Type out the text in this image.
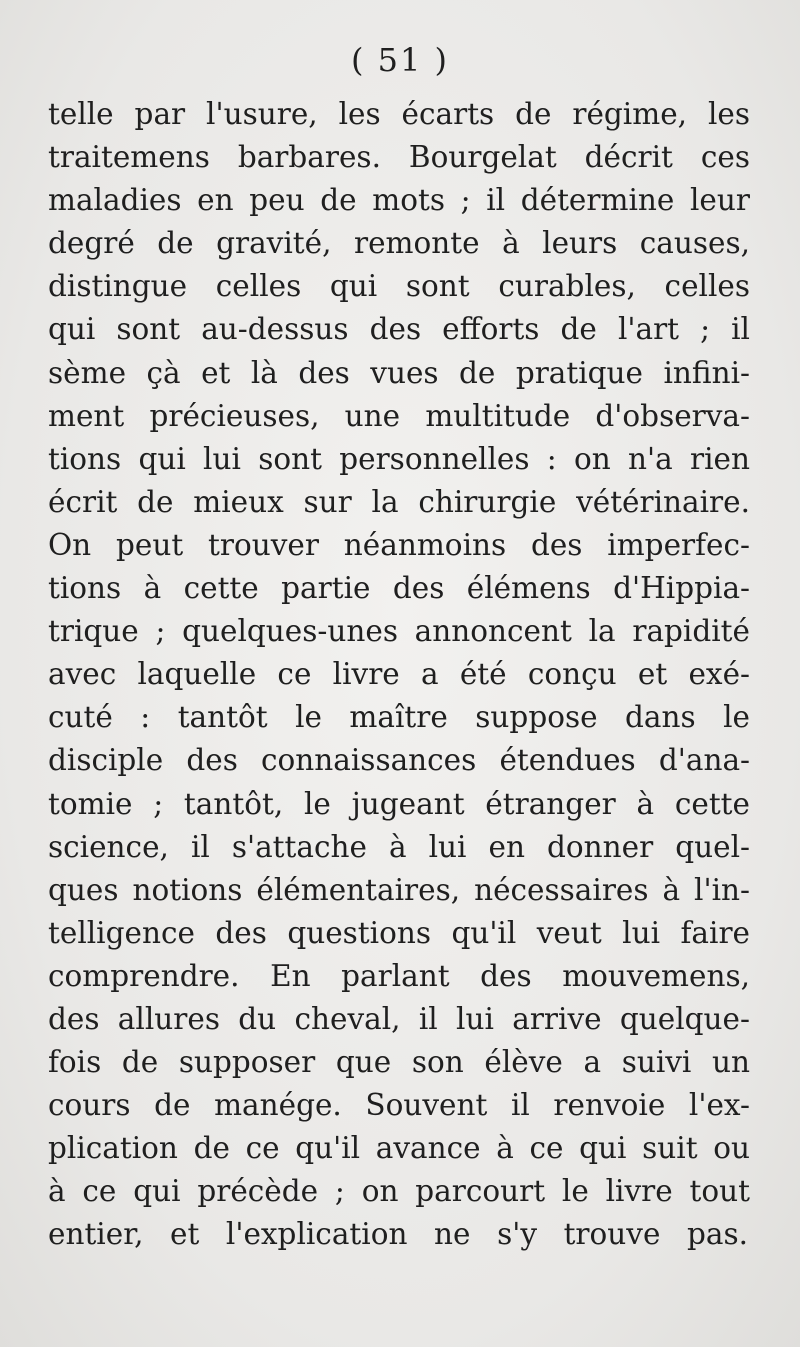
( 51 )
telle par l'usure, les écarts de régime, les
traitemens barbares. Bourgelat décrit ces
maladies en peu de mots ; il détermine leur
degré de gravité, remonte à leurs causes,
distingue celles qui sont curables, celles
qui sont au-dessus des efforts de l'art ; il
sème çà et là des vues de pratique infini-
ment précieuses, une multitude d'observa-
tions qui lui sont personnelles : on n'a rien
écrit de mieux sur la chirurgie vétérinaire.
On peut trouver néanmoins des imperfec-
tions à cette partie des élémens d'Hippia-
trique ; quelques-unes annoncent la rapidité
avec laquelle ce livre a été conçu et exé-
cuté : tantôt le maître suppose dans le
disciple des connaissances étendues d'ana-
tomie ; tantôt, le jugeant étranger à cette
science, il s'attache à lui en donner quel-
ques notions élémentaires, nécessaires à l'in-
telligence des questions qu'il veut lui faire
comprendre. En parlant des mouvemens,
des allures du cheval, il lui arrive quelque-
fois de supposer que son élève a suivi un
cours de manége. Souvent il renvoie l'ex-
plication de ce qu'il avance à ce qui suit ou
à ce qui précède ; on parcourt le livre tout
entier, et l'explication ne s'y trouve pas.
